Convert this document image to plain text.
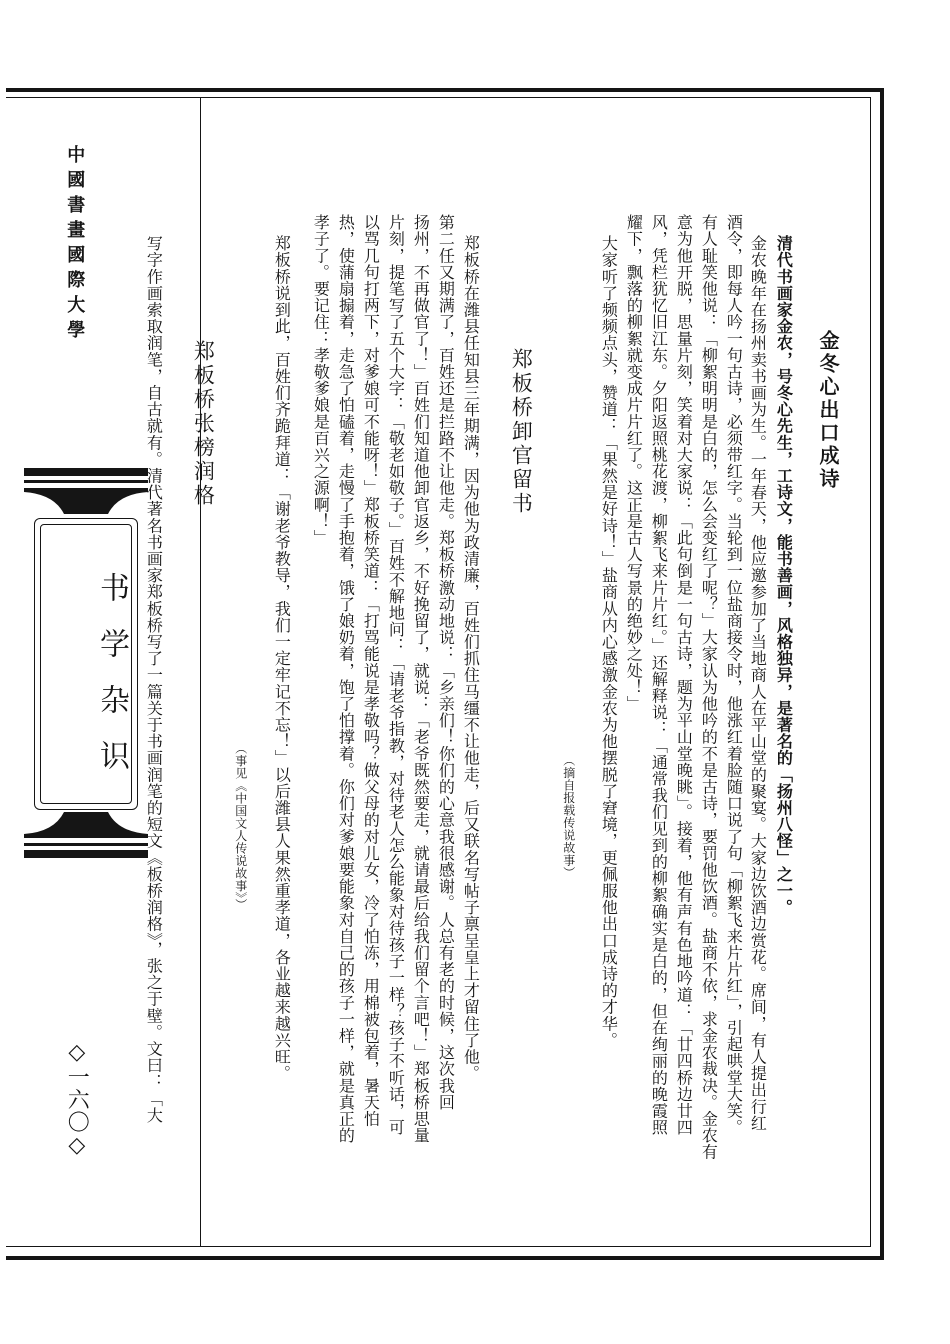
中國書畫國際大學
书学杂识
◇一六〇◇
金冬心出口成诗
清代书画家金农，号冬心先生，工诗文，能书善画，风格独异，是著名的「扬州八怪」之一。
金农晚年在扬州卖书画为生。一年春天，他应邀参加了当地商人在平山堂的聚宴。大家边饮酒边赏花。席间，有人提出行红
酒令，即每人吟一句古诗，必须带红字。当轮到一位盐商接令时，他涨红着脸随口说了句「柳絮飞来片片红」，引起哄堂大笑。
有人耻笑他说：「柳絮明明是白的，怎么会变红了呢？」大家认为他吟的不是古诗，要罚他饮酒。盐商不依，求金农裁决。金农有
意为他开脱，思量片刻，笑着对大家说：「此句倒是一句古诗，题为平山堂晚眺」。接着，他有声有色地吟道：「廿四桥边廿四
风，凭栏犹忆旧江东。夕阳返照桃花渡，柳絮飞来片片红。」还解释说：「通常我们见到的柳絮确实是白的，但在绚丽的晚霞照
耀下，飘落的柳絮就变成片片红了。这正是古人写景的绝妙之处！」
大家听了频频点头，赞道：「果然是好诗！」盐商从内心感激金农为他摆脱了窘境，更佩服他出口成诗的才华。
（摘自报载传说故事）
郑板桥卸官留书
郑板桥在潍县任知县三年期满，因为他为政清廉，百姓们抓住马缰不让他走，后又联名写帖子禀呈皇上才留住了他。
第二任又期满了，百姓还是拦路不让他走。郑板桥激动地说：「乡亲们！你们的心意我很感谢。人总有老的时候，这次我回
扬州，不再做官了！」百姓们知道他卸官返乡，不好挽留了，就说：「老爷既然要走，就请最后给我们留个言吧！」郑板桥思量
片刻，提笔写了五个大字：「敬老如敬子。」百姓不解地问：「请老爷指教，对待老人怎么能象对待孩子一样？孩子不听话，可
以骂几句打两下，对爹娘可不能呀！」郑板桥笑道：「打骂能说是孝敬吗？做父母的对儿女，冷了怕冻，用棉被包着，暑天怕
热，使蒲扇搧着，走急了怕磕着，走慢了手抱着，饿了娘奶着，饱了怕撑着。你们对爹娘要能象对自己的孩子一样，就是真正的
孝子了。要记住：孝敬爹娘是百兴之源啊！」
郑板桥说到此，百姓们齐跪拜道：「谢老爷教导，我们一定牢记不忘！」以后潍县人果然重孝道，各业越来越兴旺。
（事见《中国文人传说故事》）
郑板桥张榜润格
写字作画索取润笔，自古就有。清代著名书画家郑板桥写了一篇关于书画润笔的短文《板桥润格》，张之于壁。文曰：「大
